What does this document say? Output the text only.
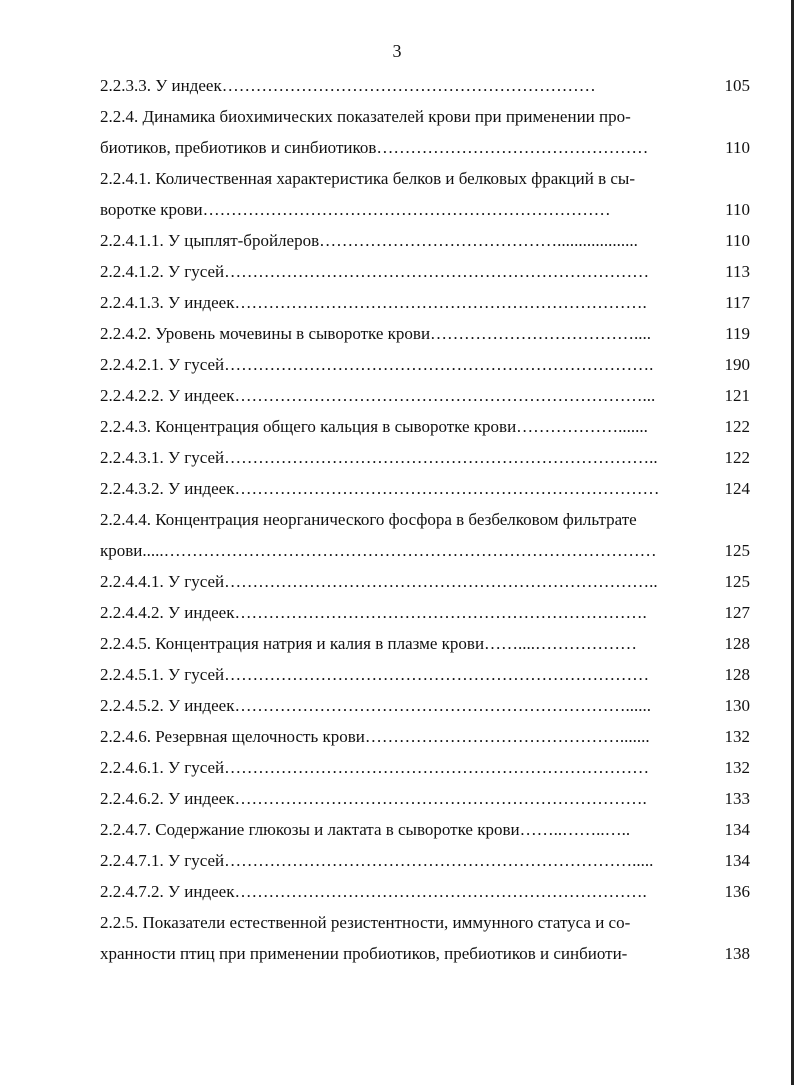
3
2.2.3.3. У индеек…………………………………………………………	105
2.2.4. Динамика биохимических показателей крови при применении про-
биотиков, пребиотиков и синбиотиков…………………………………………	110
2.2.4.1. Количественная характеристика белков и белковых фракций в сы-
воротке крови………………………………………………………………	110
2.2.4.1.1. У цыплят-бройлеров……………………………………...................	110
2.2.4.1.2. У гусей…………………………………………………………………	113
2.2.4.1.3. У индеек……………………………………………………………….	117
2.2.4.2. Уровень мочевины в сыворотке крови………………………………....	119
2.2.4.2.1. У гусей………………………………………………………………….	190
2.2.4.2.2. У индеек………………………………………………………………...	121
2.2.4.3. Концентрация общего кальция в сыворотке крови……………….......	122
2.2.4.3.1. У гусей…………………………………………………………………..	122
2.2.4.3.2. У индеек…………………………………………………………………	124
2.2.4.4. Концентрация неорганического фосфора в безбелковом фильтрате
крови.....……………………………………………………………………………	125
2.2.4.4.1. У гусей…………………………………………………………………..	125
2.2.4.4.2. У индеек……………………………………………………………….	127
2.2.4.5. Концентрация натрия и калия в плазме крови……....………………	128
2.2.4.5.1. У гусей…………………………………………………………………	128
2.2.4.5.2. У индеек……………………………………………………………......	130
2.2.4.6. Резервная щелочность крови……………………………………….......	132
2.2.4.6.1. У гусей…………………………………………………………………	132
2.2.4.6.2. У индеек……………………………………………………………….	133
2.2.4.7. Содержание глюкозы и лактата в сыворотке крови……..……..…..	134
2.2.4.7.1. У гусей……………………………………………………………….....	134
2.2.4.7.2. У индеек……………………………………………………………….	136
2.2.5. Показатели естественной резистентности, иммунного статуса и со-
хранности птиц при применении пробиотиков, пребиотиков и синбиоти-	138
